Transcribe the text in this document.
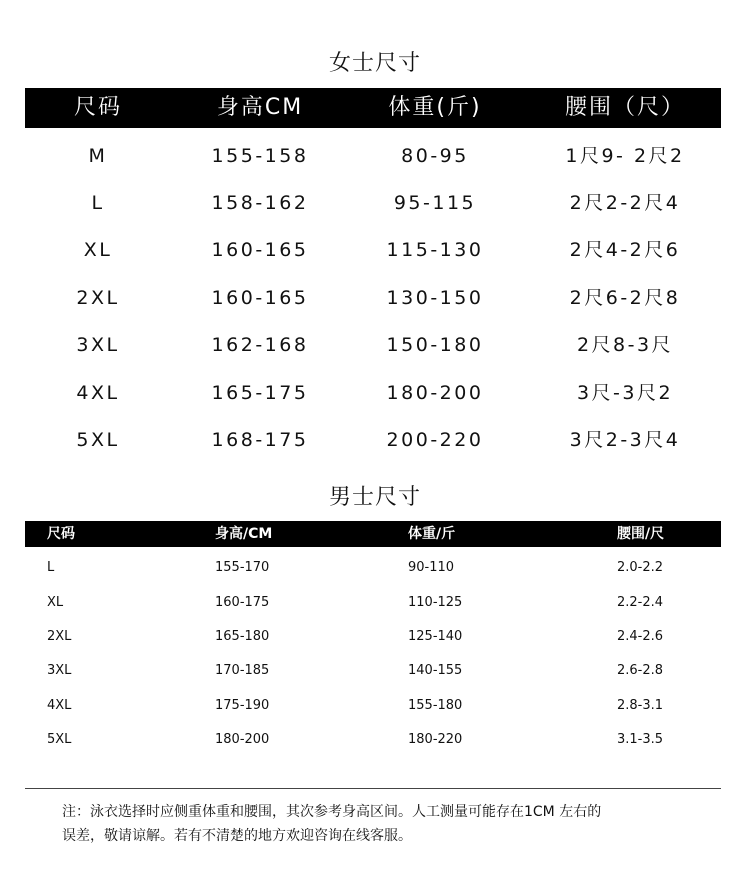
女士尺寸
尺码	身高CM	体重(斤)	腰围（尺）
M	155-158	80-95	1尺9- 2尺2
L	158-162	95-115	2尺2-2尺4
XL	160-165	115-130	2尺4-2尺6
2XL	160-165	130-150	2尺6-2尺8
3XL	162-168	150-180	2尺8-3尺
4XL	165-175	180-200	3尺-3尺2
5XL	168-175	200-220	3尺2-3尺4
男士尺寸
尺码	身高/CM	体重/斤	腰围/尺
L	155-170	90-110	2.0-2.2
XL	160-175	110-125	2.2-2.4
2XL	165-180	125-140	2.4-2.6
3XL	170-185	140-155	2.6-2.8
4XL	175-190	155-180	2.8-3.1
5XL	180-200	180-220	3.1-3.5
注：泳衣选择时应侧重体重和腰围，其次参考身高区间。人工测量可能存在1CM 左右的
误差，敬请谅解。若有不清楚的地方欢迎咨询在线客服。
